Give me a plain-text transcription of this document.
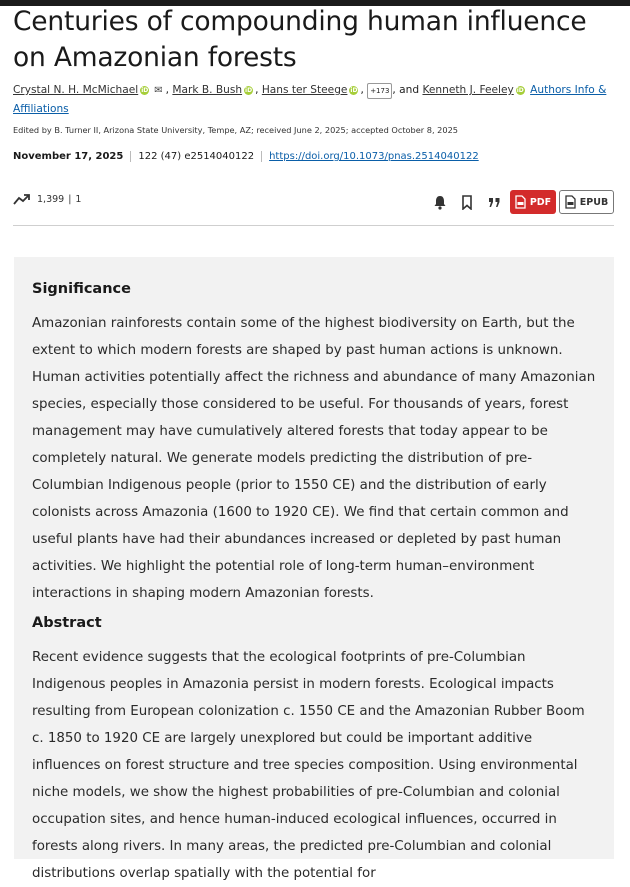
Centuries of compounding human influence on Amazonian forests
Crystal N. H. McMichael iD ✉ , Mark B. Bush iD , Hans ter Steege iD , +173 , and Kenneth J. Feeley iD Authors Info & Affiliations
Edited by B. Turner II, Arizona State University, Tempe, AZ; received June 2, 2025; accepted October 8, 2025
November 17, 2025	122 (47) e2514040122	https://doi.org/10.1073/pnas.2514040122
1,399 | 1	PDF	EPUB
Significance

Amazonian rainforests contain some of the highest biodiversity on Earth, but the extent to which modern forests are shaped by past human actions is unknown. Human activities potentially affect the richness and abundance of many Amazonian species, especially those considered to be useful. For thousands of years, forest management may have cumulatively altered forests that today appear to be completely natural. We generate models predicting the distribution of pre-Columbian Indigenous people (prior to 1550 CE) and the distribution of early colonists across Amazonia (1600 to 1920 CE). We find that certain common and useful plants have had their abundances increased or depleted by past human activities. We highlight the potential role of long-term human–environment interactions in shaping modern Amazonian forests.

Abstract

Recent evidence suggests that the ecological footprints of pre-Columbian Indigenous peoples in Amazonia persist in modern forests. Ecological impacts resulting from European colonization c. 1550 CE and the Amazonian Rubber Boom c. 1850 to 1920 CE are largely unexplored but could be important additive influences on forest structure and tree species composition. Using environmental niche models, we show the highest probabilities of pre-Columbian and colonial occupation sites, and hence human-induced ecological influences, occurred in forests along rivers. In many areas, the predicted pre-Columbian and colonial distributions overlap spatially with the potential for
